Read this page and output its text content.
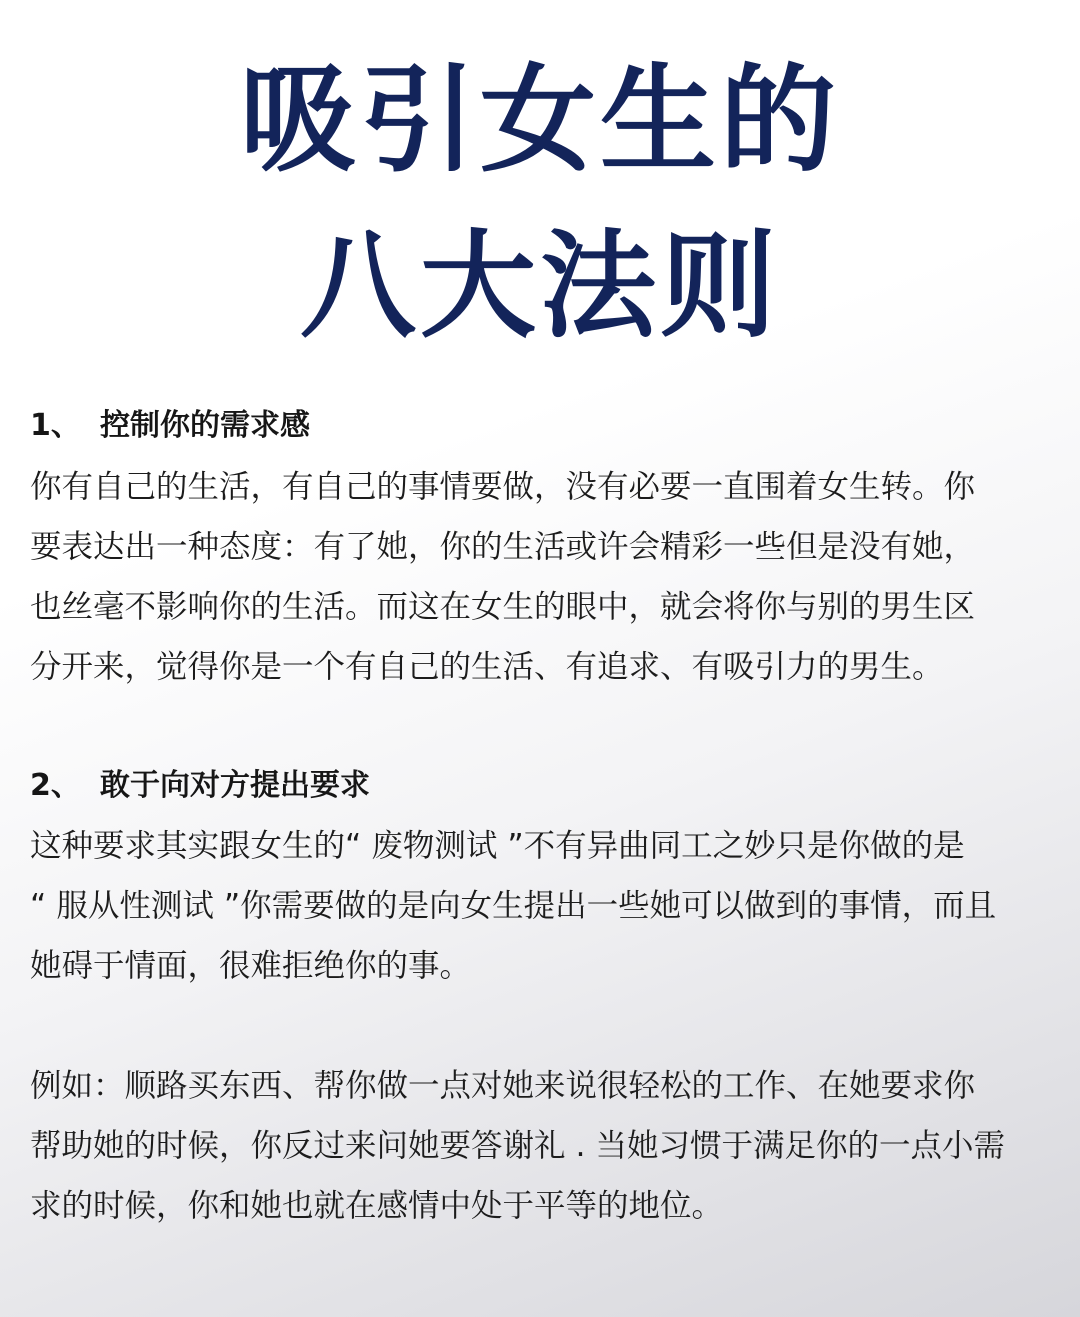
吸引女生的
八大法则
1、 控制你的需求感
你有自己的生活，有自己的事情要做，没有必要一直围着女生转。你
要表达出一种态度：有了她，你的生活或许会精彩一些但是没有她，
也丝毫不影响你的生活。而这在女生的眼中，就会将你与别的男生区
分开来，觉得你是一个有自己的生活、有追求、有吸引力的男生。
2、 敢于向对方提出要求
这种要求其实跟女生的“ 废物测试 ”不有异曲同工之妙只是你做的是
“ 服从性测试 ”你需要做的是向女生提出一些她可以做到的事情，而且
她碍于情面，很难拒绝你的事。
例如：顺路买东西、帮你做一点对她来说很轻松的工作、在她要求你
帮助她的时候，你反过来问她要答谢礼 . 当她习惯于满足你的一点小需
求的时候，你和她也就在感情中处于平等的地位。
